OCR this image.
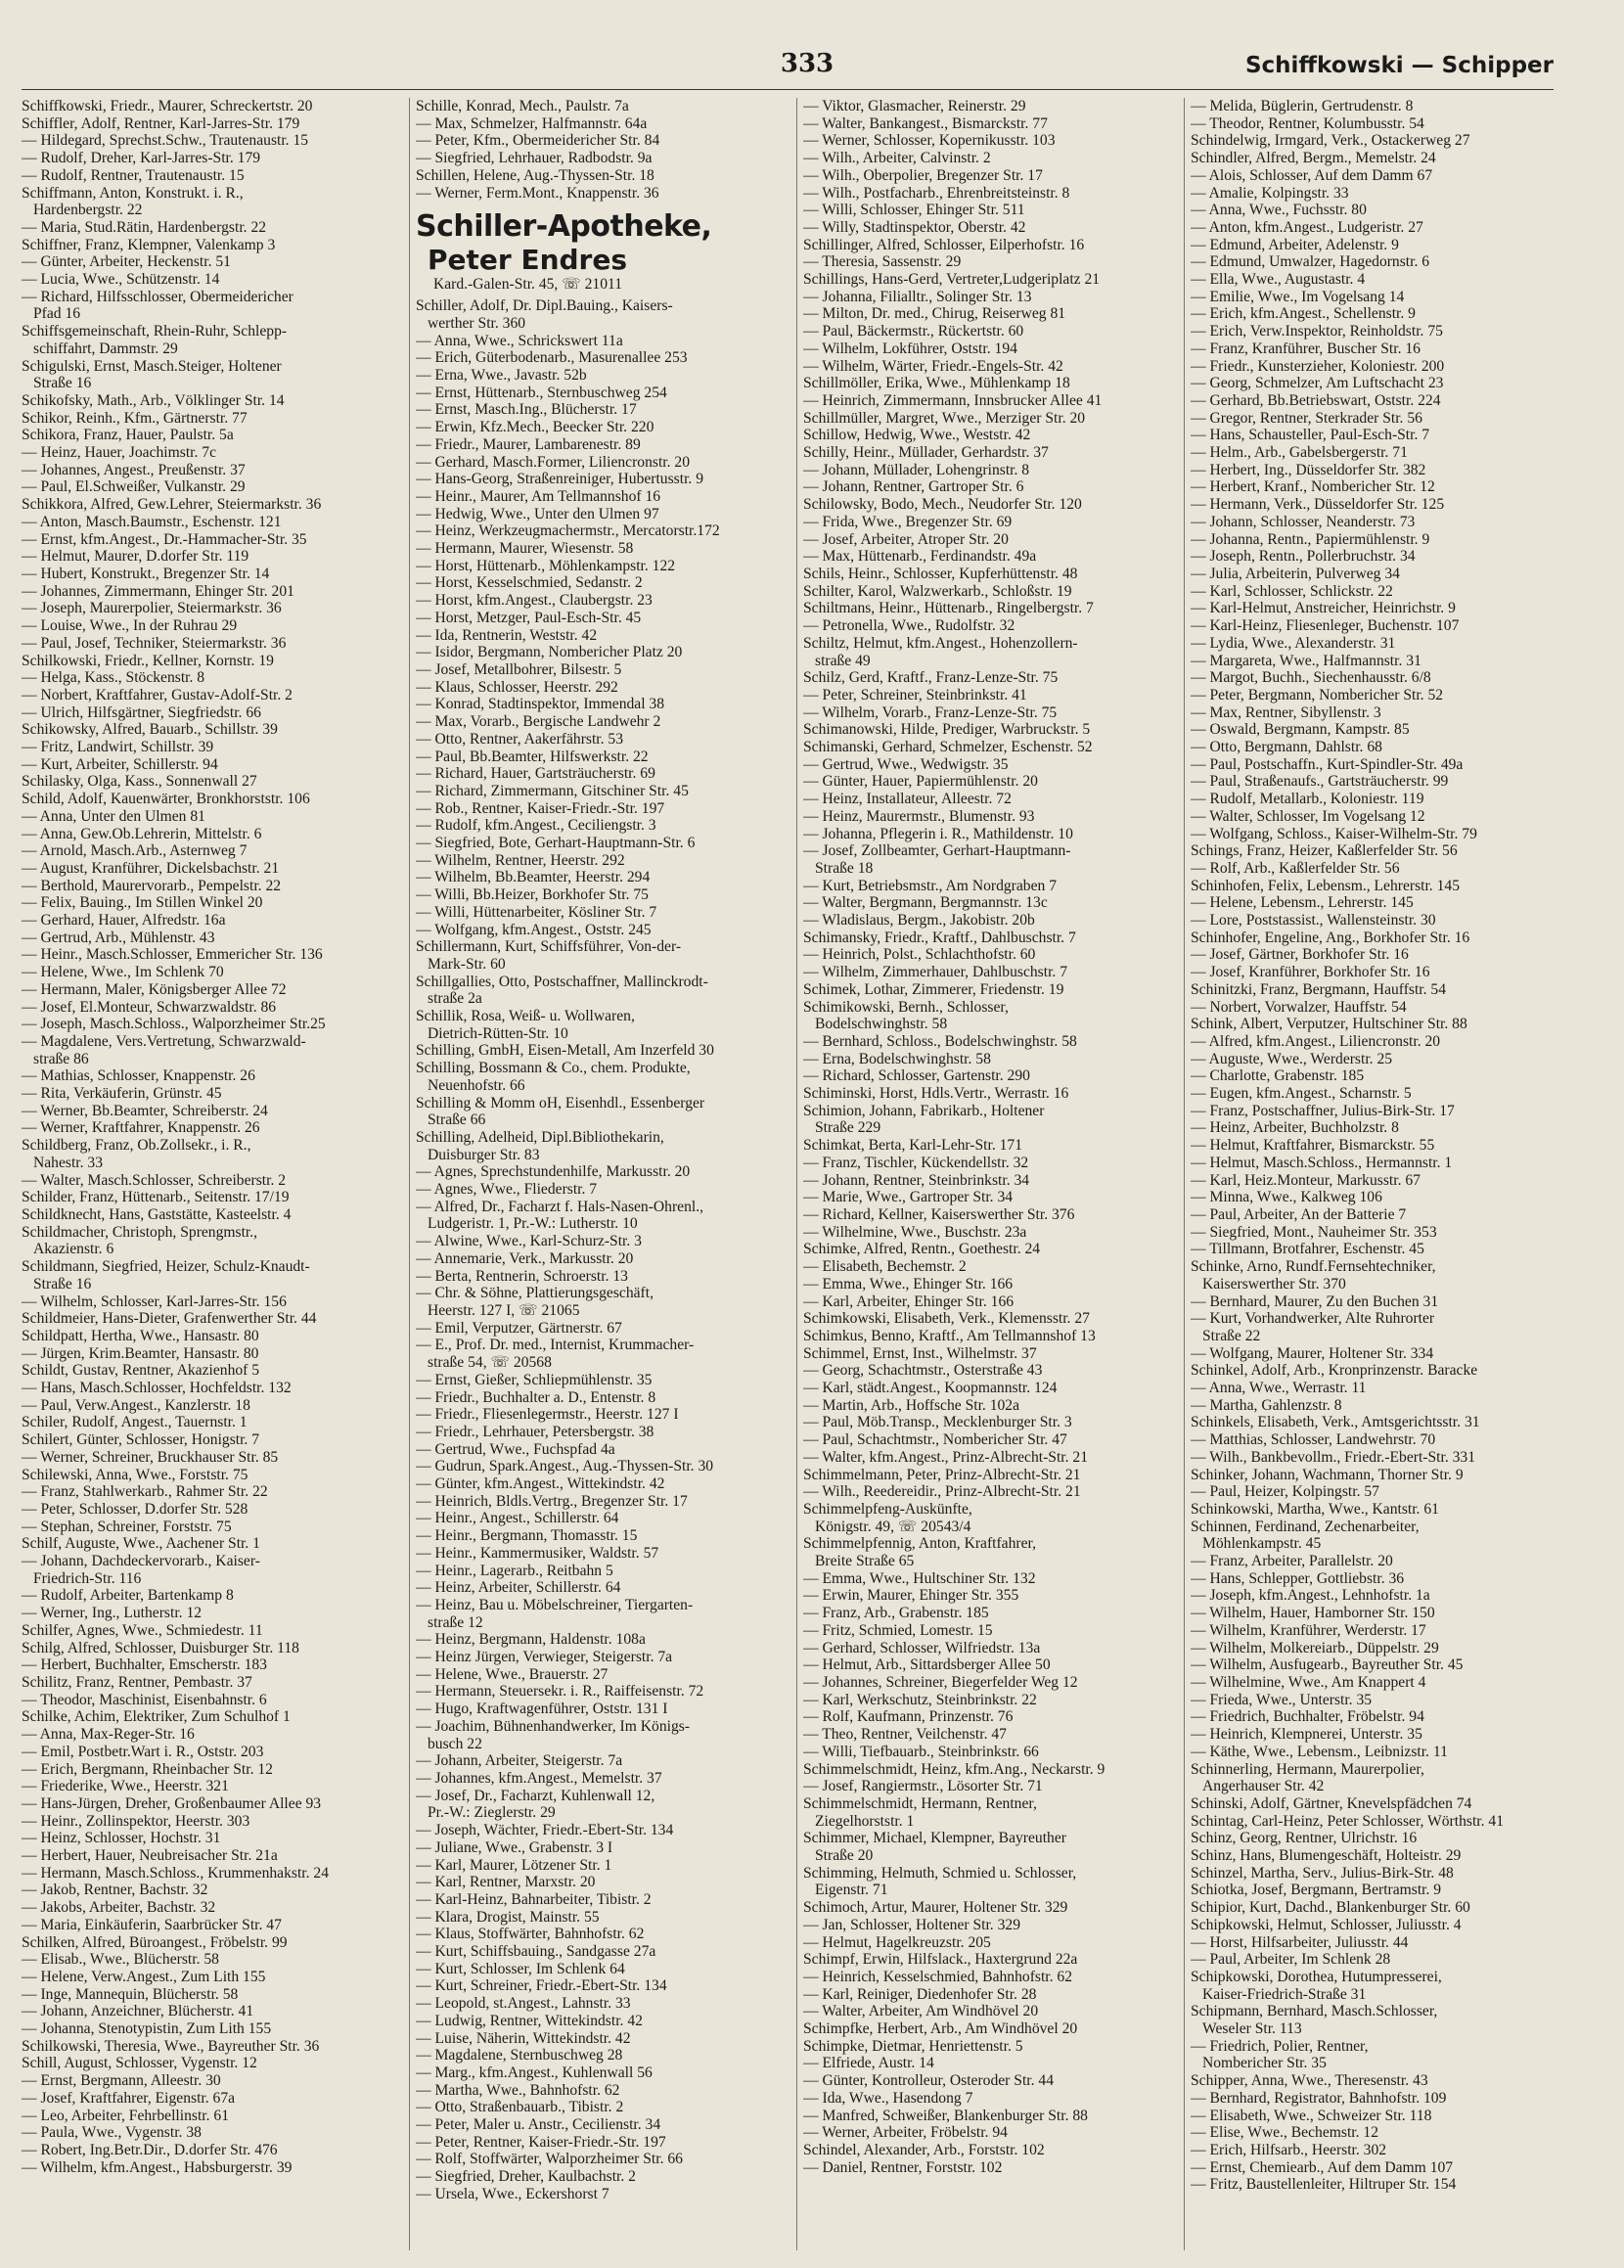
333	Schiffkowski — Schipper
Schiffkowski, Friedr., Maurer, Schreckertstr. 20
Schiffler, Adolf, Rentner, Karl-Jarres-Str. 179
— Hildegard, Sprechst.Schw., Trautenaustr. 15
— Rudolf, Dreher, Karl-Jarres-Str. 179
— Rudolf, Rentner, Trautenaustr. 15
Schiffmann, Anton, Konstrukt. i. R.,
Hardenbergstr. 22
— Maria, Stud.Rätin, Hardenbergstr. 22
Schiffner, Franz, Klempner, Valenkamp 3
— Günter, Arbeiter, Heckenstr. 51
— Lucia, Wwe., Schützenstr. 14
— Richard, Hilfsschlosser, Obermeidericher
Pfad 16
Schiffsgemeinschaft, Rhein-Ruhr, Schlepp-
schiffahrt, Dammstr. 29
Schigulski, Ernst, Masch.Steiger, Holtener
Straße 16
Schikofsky, Math., Arb., Völklinger Str. 14
Schikor, Reinh., Kfm., Gärtnerstr. 77
Schikora, Franz, Hauer, Paulstr. 5a
— Heinz, Hauer, Joachimstr. 7c
— Johannes, Angest., Preußenstr. 37
— Paul, El.Schweißer, Vulkanstr. 29
Schikkora, Alfred, Gew.Lehrer, Steiermarkstr. 36
— Anton, Masch.Baumstr., Eschenstr. 121
— Ernst, kfm.Angest., Dr.-Hammacher-Str. 35
— Helmut, Maurer, D.dorfer Str. 119
— Hubert, Konstrukt., Bregenzer Str. 14
— Johannes, Zimmermann, Ehinger Str. 201
— Joseph, Maurerpolier, Steiermarkstr. 36
— Louise, Wwe., In der Ruhrau 29
— Paul, Josef, Techniker, Steiermarkstr. 36
Schilkowski, Friedr., Kellner, Kornstr. 19
— Helga, Kass., Stöckenstr. 8
— Norbert, Kraftfahrer, Gustav-Adolf-Str. 2
— Ulrich, Hilfsgärtner, Siegfriedstr. 66
Schikowsky, Alfred, Bauarb., Schillstr. 39
— Fritz, Landwirt, Schillstr. 39
— Kurt, Arbeiter, Schillerstr. 94
Schilasky, Olga, Kass., Sonnenwall 27
Schild, Adolf, Kauenwärter, Bronkhorststr. 106
— Anna, Unter den Ulmen 81
— Anna, Gew.Ob.Lehrerin, Mittelstr. 6
— Arnold, Masch.Arb., Asternweg 7
— August, Kranführer, Dickelsbachstr. 21
— Berthold, Maurervorarb., Pempelstr. 22
— Felix, Bauing., Im Stillen Winkel 20
— Gerhard, Hauer, Alfredstr. 16a
— Gertrud, Arb., Mühlenstr. 43
— Heinr., Masch.Schlosser, Emmericher Str. 136
— Helene, Wwe., Im Schlenk 70
— Hermann, Maler, Königsberger Allee 72
— Josef, El.Monteur, Schwarzwaldstr. 86
— Joseph, Masch.Schloss., Walporzheimer Str.25
— Magdalene, Vers.Vertretung, Schwarzwald-
straße 86
— Mathias, Schlosser, Knappenstr. 26
— Rita, Verkäuferin, Grünstr. 45
— Werner, Bb.Beamter, Schreiberstr. 24
— Werner, Kraftfahrer, Knappenstr. 26
Schildberg, Franz, Ob.Zollsekr., i. R.,
Nahestr. 33
— Walter, Masch.Schlosser, Schreiberstr. 2
Schilder, Franz, Hüttenarb., Seitenstr. 17/19
Schildknecht, Hans, Gaststätte, Kasteelstr. 4
Schildmacher, Christoph, Sprengmstr.,
Akazienstr. 6
Schildmann, Siegfried, Heizer, Schulz-Knaudt-
Straße 16
— Wilhelm, Schlosser, Karl-Jarres-Str. 156
Schildmeier, Hans-Dieter, Grafenwerther Str. 44
Schildpatt, Hertha, Wwe., Hansastr. 80
— Jürgen, Krim.Beamter, Hansastr. 80
Schildt, Gustav, Rentner, Akazienhof 5
— Hans, Masch.Schlosser, Hochfeldstr. 132
— Paul, Verw.Angest., Kanzlerstr. 18
Schiler, Rudolf, Angest., Tauernstr. 1
Schilert, Günter, Schlosser, Honigstr. 7
— Werner, Schreiner, Bruckhauser Str. 85
Schilewski, Anna, Wwe., Forststr. 75
— Franz, Stahlwerkarb., Rahmer Str. 22
— Peter, Schlosser, D.dorfer Str. 528
— Stephan, Schreiner, Forststr. 75
Schilf, Auguste, Wwe., Aachener Str. 1
— Johann, Dachdeckervorarb., Kaiser-
Friedrich-Str. 116
— Rudolf, Arbeiter, Bartenkamp 8
— Werner, Ing., Lutherstr. 12
Schilfer, Agnes, Wwe., Schmiedestr. 11
Schilg, Alfred, Schlosser, Duisburger Str. 118
— Herbert, Buchhalter, Emscherstr. 183
Schilitz, Franz, Rentner, Pembastr. 37
— Theodor, Maschinist, Eisenbahnstr. 6
Schilke, Achim, Elektriker, Zum Schulhof 1
— Anna, Max-Reger-Str. 16
— Emil, Postbetr.Wart i. R., Oststr. 203
— Erich, Bergmann, Rheinbacher Str. 12
— Friederike, Wwe., Heerstr. 321
— Hans-Jürgen, Dreher, Großenbaumer Allee 93
— Heinr., Zollinspektor, Heerstr. 303
— Heinz, Schlosser, Hochstr. 31
— Herbert, Hauer, Neubreisacher Str. 21a
— Hermann, Masch.Schloss., Krummenhakstr. 24
— Jakob, Rentner, Bachstr. 32
— Jakobs, Arbeiter, Bachstr. 32
— Maria, Einkäuferin, Saarbrücker Str. 47
Schilken, Alfred, Büroangest., Fröbelstr. 99
— Elisab., Wwe., Blücherstr. 58
— Helene, Verw.Angest., Zum Lith 155
— Inge, Mannequin, Blücherstr. 58
— Johann, Anzeichner, Blücherstr. 41
— Johanna, Stenotypistin, Zum Lith 155
Schilkowski, Theresia, Wwe., Bayreuther Str. 36
Schill, August, Schlosser, Vygenstr. 12
— Ernst, Bergmann, Alleestr. 30
— Josef, Kraftfahrer, Eigenstr. 67a
— Leo, Arbeiter, Fehrbellinstr. 61
— Paula, Wwe., Vygenstr. 38
— Robert, Ing.Betr.Dir., D.dorfer Str. 476
— Wilhelm, kfm.Angest., Habsburgerstr. 39
Schille, Konrad, Mech., Paulstr. 7a
— Max, Schmelzer, Halfmannstr. 64a
— Peter, Kfm., Obermeidericher Str. 84
— Siegfried, Lehrhauer, Radbodstr. 9a
Schillen, Helene, Aug.-Thyssen-Str. 18
— Werner, Ferm.Mont., Knappenstr. 36
Schiller-Apotheke,
Peter Endres
Kard.-Galen-Str. 45, ☏ 21011
Schiller, Adolf, Dr. Dipl.Bauing., Kaisers-
werther Str. 360
— Anna, Wwe., Schrickswert 11a
— Erich, Güterbodenarb., Masurenallee 253
— Erna, Wwe., Javastr. 52b
— Ernst, Hüttenarb., Sternbuschweg 254
— Ernst, Masch.Ing., Blücherstr. 17
— Erwin, Kfz.Mech., Beecker Str. 220
— Friedr., Maurer, Lambarenestr. 89
— Gerhard, Masch.Former, Liliencronstr. 20
— Hans-Georg, Straßenreiniger, Hubertusstr. 9
— Heinr., Maurer, Am Tellmannshof 16
— Hedwig, Wwe., Unter den Ulmen 97
— Heinz, Werkzeugmachermstr., Mercatorstr.172
— Hermann, Maurer, Wiesenstr. 58
— Horst, Hüttenarb., Möhlenkampstr. 122
— Horst, Kesselschmied, Sedanstr. 2
— Horst, kfm.Angest., Claubergstr. 23
— Horst, Metzger, Paul-Esch-Str. 45
— Ida, Rentnerin, Weststr. 42
— Isidor, Bergmann, Nombericher Platz 20
— Josef, Metallbohrer, Bilsestr. 5
— Klaus, Schlosser, Heerstr. 292
— Konrad, Stadtinspektor, Immendal 38
— Max, Vorarb., Bergische Landwehr 2
— Otto, Rentner, Aakerfährstr. 53
— Paul, Bb.Beamter, Hilfswerkstr. 22
— Richard, Hauer, Gartsträucherstr. 69
— Richard, Zimmermann, Gitschiner Str. 45
— Rob., Rentner, Kaiser-Friedr.-Str. 197
— Rudolf, kfm.Angest., Ceciliengstr. 3
— Siegfried, Bote, Gerhart-Hauptmann-Str. 6
— Wilhelm, Rentner, Heerstr. 292
— Wilhelm, Bb.Beamter, Heerstr. 294
— Willi, Bb.Heizer, Borkhofer Str. 75
— Willi, Hüttenarbeiter, Kösliner Str. 7
— Wolfgang, kfm.Angest., Oststr. 245
Schillermann, Kurt, Schiffsführer, Von-der-
Mark-Str. 60
Schillgallies, Otto, Postschaffner, Mallinckrodt-
straße 2a
Schillik, Rosa, Weiß- u. Wollwaren,
Dietrich-Rütten-Str. 10
Schilling, GmbH, Eisen-Metall, Am Inzerfeld 30
Schilling, Bossmann & Co., chem. Produkte,
Neuenhofstr. 66
Schilling & Momm oH, Eisenhdl., Essenberger
Straße 66
Schilling, Adelheid, Dipl.Bibliothekarin,
Duisburger Str. 83
— Agnes, Sprechstundenhilfe, Markusstr. 20
— Agnes, Wwe., Fliederstr. 7
— Alfred, Dr., Facharzt f. Hals-Nasen-Ohrenl.,
Ludgeristr. 1, Pr.-W.: Lutherstr. 10
— Alwine, Wwe., Karl-Schurz-Str. 3
— Annemarie, Verk., Markusstr. 20
— Berta, Rentnerin, Schroerstr. 13
— Chr. & Söhne, Plattierungsgeschäft,
Heerstr. 127 I, ☏ 21065
— Emil, Verputzer, Gärtnerstr. 67
— E., Prof. Dr. med., Internist, Krummacher-
straße 54, ☏ 20568
— Ernst, Gießer, Schliepmühlenstr. 35
— Friedr., Buchhalter a. D., Entenstr. 8
— Friedr., Fliesenlegermstr., Heerstr. 127 I
— Friedr., Lehrhauer, Petersbergstr. 38
— Gertrud, Wwe., Fuchspfad 4a
— Gudrun, Spark.Angest., Aug.-Thyssen-Str. 30
— Günter, kfm.Angest., Wittekindstr. 42
— Heinrich, Bldls.Vertrg., Bregenzer Str. 17
— Heinr., Angest., Schillerstr. 64
— Heinr., Bergmann, Thomasstr. 15
— Heinr., Kammermusiker, Waldstr. 57
— Heinr., Lagerarb., Reitbahn 5
— Heinz, Arbeiter, Schillerstr. 64
— Heinz, Bau u. Möbelschreiner, Tiergarten-
straße 12
— Heinz, Bergmann, Haldenstr. 108a
— Heinz Jürgen, Verwieger, Steigerstr. 7a
— Helene, Wwe., Brauerstr. 27
— Hermann, Steuersekr. i. R., Raiffeisenstr. 72
— Hugo, Kraftwagenführer, Oststr. 131 I
— Joachim, Bühnenhandwerker, Im Königs-
busch 22
— Johann, Arbeiter, Steigerstr. 7a
— Johannes, kfm.Angest., Memelstr. 37
— Josef, Dr., Facharzt, Kuhlenwall 12,
Pr.-W.: Zieglerstr. 29
— Joseph, Wächter, Friedr.-Ebert-Str. 134
— Juliane, Wwe., Grabenstr. 3 I
— Karl, Maurer, Lötzener Str. 1
— Karl, Rentner, Marxstr. 20
— Karl-Heinz, Bahnarbeiter, Tibistr. 2
— Klara, Drogist, Mainstr. 55
— Klaus, Stoffwärter, Bahnhofstr. 62
— Kurt, Schiffsbauing., Sandgasse 27a
— Kurt, Schlosser, Im Schlenk 64
— Kurt, Schreiner, Friedr.-Ebert-Str. 134
— Leopold, st.Angest., Lahnstr. 33
— Ludwig, Rentner, Wittekindstr. 42
— Luise, Näherin, Wittekindstr. 42
— Magdalene, Sternbuschweg 28
— Marg., kfm.Angest., Kuhlenwall 56
— Martha, Wwe., Bahnhofstr. 62
— Otto, Straßenbauarb., Tibistr. 2
— Peter, Maler u. Anstr., Cecilienstr. 34
— Peter, Rentner, Kaiser-Friedr.-Str. 197
— Rolf, Stoffwärter, Walporzheimer Str. 66
— Siegfried, Dreher, Kaulbachstr. 2
— Ursela, Wwe., Eckershorst 7
— Viktor, Glasmacher, Reinerstr. 29
— Walter, Bankangest., Bismarckstr. 77
— Werner, Schlosser, Kopernikusstr. 103
— Wilh., Arbeiter, Calvinstr. 2
— Wilh., Oberpolier, Bregenzer Str. 17
— Wilh., Postfacharb., Ehrenbreitsteinstr. 8
— Willi, Schlosser, Ehinger Str. 511
— Willy, Stadtinspektor, Oberstr. 42
Schillinger, Alfred, Schlosser, Eilperhofstr. 16
— Theresia, Sassenstr. 29
Schillings, Hans-Gerd, Vertreter,Ludgeriplatz 21
— Johanna, Filialltr., Solinger Str. 13
— Milton, Dr. med., Chirug, Reiserweg 81
— Paul, Bäckermstr., Rückertstr. 60
— Wilhelm, Lokführer, Oststr. 194
— Wilhelm, Wärter, Friedr.-Engels-Str. 42
Schillmöller, Erika, Wwe., Mühlenkamp 18
— Heinrich, Zimmermann, Innsbrucker Allee 41
Schillmüller, Margret, Wwe., Merziger Str. 20
Schillow, Hedwig, Wwe., Weststr. 42
Schilly, Heinr., Müllader, Gerhardstr. 37
— Johann, Müllader, Lohengrinstr. 8
— Johann, Rentner, Gartroper Str. 6
Schilowsky, Bodo, Mech., Neudorfer Str. 120
— Frida, Wwe., Bregenzer Str. 69
— Josef, Arbeiter, Atroper Str. 20
— Max, Hüttenarb., Ferdinandstr. 49a
Schils, Heinr., Schlosser, Kupferhüttenstr. 48
Schilter, Karol, Walzwerkarb., Schloßstr. 19
Schiltmans, Heinr., Hüttenarb., Ringelbergstr. 7
— Petronella, Wwe., Rudolfstr. 32
Schiltz, Helmut, kfm.Angest., Hohenzollern-
straße 49
Schilz, Gerd, Kraftf., Franz-Lenze-Str. 75
— Peter, Schreiner, Steinbrinkstr. 41
— Wilhelm, Vorarb., Franz-Lenze-Str. 75
Schimanowski, Hilde, Prediger, Warbruckstr. 5
Schimanski, Gerhard, Schmelzer, Eschenstr. 52
— Gertrud, Wwe., Wedwigstr. 35
— Günter, Hauer, Papiermühlenstr. 20
— Heinz, Installateur, Alleestr. 72
— Heinz, Maurermstr., Blumenstr. 93
— Johanna, Pflegerin i. R., Mathildenstr. 10
— Josef, Zollbeamter, Gerhart-Hauptmann-
Straße 18
— Kurt, Betriebsmstr., Am Nordgraben 7
— Walter, Bergmann, Bergmannstr. 13c
— Wladislaus, Bergm., Jakobistr. 20b
Schimansky, Friedr., Kraftf., Dahlbuschstr. 7
— Heinrich, Polst., Schlachthofstr. 60
— Wilhelm, Zimmerhauer, Dahlbuschstr. 7
Schimek, Lothar, Zimmerer, Friedenstr. 19
Schimikowski, Bernh., Schlosser,
Bodelschwinghstr. 58
— Bernhard, Schloss., Bodelschwinghstr. 58
— Erna, Bodelschwinghstr. 58
— Richard, Schlosser, Gartenstr. 290
Schiminski, Horst, Hdls.Vertr., Werrastr. 16
Schimion, Johann, Fabrikarb., Holtener
Straße 229
Schimkat, Berta, Karl-Lehr-Str. 171
— Franz, Tischler, Kückendellstr. 32
— Johann, Rentner, Steinbrinkstr. 34
— Marie, Wwe., Gartroper Str. 34
— Richard, Kellner, Kaiserswerther Str. 376
— Wilhelmine, Wwe., Buschstr. 23a
Schimke, Alfred, Rentn., Goethestr. 24
— Elisabeth, Bechemstr. 2
— Emma, Wwe., Ehinger Str. 166
— Karl, Arbeiter, Ehinger Str. 166
Schimkowski, Elisabeth, Verk., Klemensstr. 27
Schimkus, Benno, Kraftf., Am Tellmannshof 13
Schimmel, Ernst, Inst., Wilhelmstr. 37
— Georg, Schachtmstr., Osterstraße 43
— Karl, städt.Angest., Koopmannstr. 124
— Martin, Arb., Hoffsche Str. 102a
— Paul, Möb.Transp., Mecklenburger Str. 3
— Paul, Schachtmstr., Nombericher Str. 47
— Walter, kfm.Angest., Prinz-Albrecht-Str. 21
Schimmelmann, Peter, Prinz-Albrecht-Str. 21
— Wilh., Reedereidir., Prinz-Albrecht-Str. 21
Schimmelpfeng-Auskünfte,
Königstr. 49, ☏ 20543/4
Schimmelpfennig, Anton, Kraftfahrer,
Breite Straße 65
— Emma, Wwe., Hultschiner Str. 132
— Erwin, Maurer, Ehinger Str. 355
— Franz, Arb., Grabenstr. 185
— Fritz, Schmied, Lomestr. 15
— Gerhard, Schlosser, Wilfriedstr. 13a
— Helmut, Arb., Sittardsberger Allee 50
— Johannes, Schreiner, Biegerfelder Weg 12
— Karl, Werkschutz, Steinbrinkstr. 22
— Rolf, Kaufmann, Prinzenstr. 76
— Theo, Rentner, Veilchenstr. 47
— Willi, Tiefbauarb., Steinbrinkstr. 66
Schimmelschmidt, Heinz, kfm.Ang., Neckarstr. 9
— Josef, Rangiermstr., Lösorter Str. 71
Schimmelschmidt, Hermann, Rentner,
Ziegelhorststr. 1
Schimmer, Michael, Klempner, Bayreuther
Straße 20
Schimming, Helmuth, Schmied u. Schlosser,
Eigenstr. 71
Schimoch, Artur, Maurer, Holtener Str. 329
— Jan, Schlosser, Holtener Str. 329
— Helmut, Hagelkreuzstr. 205
Schimpf, Erwin, Hilfslack., Haxtergrund 22a
— Heinrich, Kesselschmied, Bahnhofstr. 62
— Karl, Reiniger, Diedenhofer Str. 28
— Walter, Arbeiter, Am Windhövel 20
Schimpfke, Herbert, Arb., Am Windhövel 20
Schimpke, Dietmar, Henriettenstr. 5
— Elfriede, Austr. 14
— Günter, Kontrolleur, Osteroder Str. 44
— Ida, Wwe., Hasendong 7
— Manfred, Schweißer, Blankenburger Str. 88
— Werner, Arbeiter, Fröbelstr. 94
Schindel, Alexander, Arb., Forststr. 102
— Daniel, Rentner, Forststr. 102
— Melida, Büglerin, Gertrudenstr. 8
— Theodor, Rentner, Kolumbusstr. 54
Schindelwig, Irmgard, Verk., Ostackerweg 27
Schindler, Alfred, Bergm., Memelstr. 24
— Alois, Schlosser, Auf dem Damm 67
— Amalie, Kolpingstr. 33
— Anna, Wwe., Fuchsstr. 80
— Anton, kfm.Angest., Ludgeristr. 27
— Edmund, Arbeiter, Adelenstr. 9
— Edmund, Umwalzer, Hagedornstr. 6
— Ella, Wwe., Augustastr. 4
— Emilie, Wwe., Im Vogelsang 14
— Erich, kfm.Angest., Schellenstr. 9
— Erich, Verw.Inspektor, Reinholdstr. 75
— Franz, Kranführer, Buscher Str. 16
— Friedr., Kunsterzieher, Koloniestr. 200
— Georg, Schmelzer, Am Luftschacht 23
— Gerhard, Bb.Betriebswart, Oststr. 224
— Gregor, Rentner, Sterkrader Str. 56
— Hans, Schausteller, Paul-Esch-Str. 7
— Helm., Arb., Gabelsbergerstr. 71
— Herbert, Ing., Düsseldorfer Str. 382
— Herbert, Kranf., Nombericher Str. 12
— Hermann, Verk., Düsseldorfer Str. 125
— Johann, Schlosser, Neanderstr. 73
— Johanna, Rentn., Papiermühlenstr. 9
— Joseph, Rentn., Pollerbruchstr. 34
— Julia, Arbeiterin, Pulverweg 34
— Karl, Schlosser, Schlickstr. 22
— Karl-Helmut, Anstreicher, Heinrichstr. 9
— Karl-Heinz, Fliesenleger, Buchenstr. 107
— Lydia, Wwe., Alexanderstr. 31
— Margareta, Wwe., Halfmannstr. 31
— Margot, Buchh., Siechenhausstr. 6/8
— Peter, Bergmann, Nombericher Str. 52
— Max, Rentner, Sibyllenstr. 3
— Oswald, Bergmann, Kampstr. 85
— Otto, Bergmann, Dahlstr. 68
— Paul, Postschaffn., Kurt-Spindler-Str. 49a
— Paul, Straßenaufs., Gartsträucherstr. 99
— Rudolf, Metallarb., Koloniestr. 119
— Walter, Schlosser, Im Vogelsang 12
— Wolfgang, Schloss., Kaiser-Wilhelm-Str. 79
Schings, Franz, Heizer, Kaßlerfelder Str. 56
— Rolf, Arb., Kaßlerfelder Str. 56
Schinhofen, Felix, Lebensm., Lehrerstr. 145
— Helene, Lebensm., Lehrerstr. 145
— Lore, Poststassist., Wallensteinstr. 30
Schinhofer, Engeline, Ang., Borkhofer Str. 16
— Josef, Gärtner, Borkhofer Str. 16
— Josef, Kranführer, Borkhofer Str. 16
Schinitzki, Franz, Bergmann, Hauffstr. 54
— Norbert, Vorwalzer, Hauffstr. 54
Schink, Albert, Verputzer, Hultschiner Str. 88
— Alfred, kfm.Angest., Liliencronstr. 20
— Auguste, Wwe., Werderstr. 25
— Charlotte, Grabenstr. 185
— Eugen, kfm.Angest., Scharnstr. 5
— Franz, Postschaffner, Julius-Birk-Str. 17
— Heinz, Arbeiter, Buchholzstr. 8
— Helmut, Kraftfahrer, Bismarckstr. 55
— Helmut, Masch.Schloss., Hermannstr. 1
— Karl, Heiz.Monteur, Markusstr. 67
— Minna, Wwe., Kalkweg 106
— Paul, Arbeiter, An der Batterie 7
— Siegfried, Mont., Nauheimer Str. 353
— Tillmann, Brotfahrer, Eschenstr. 45
Schinke, Arno, Rundf.Fernsehtechniker,
Kaiserswerther Str. 370
— Bernhard, Maurer, Zu den Buchen 31
— Kurt, Vorhandwerker, Alte Ruhrorter
Straße 22
— Wolfgang, Maurer, Holtener Str. 334
Schinkel, Adolf, Arb., Kronprinzenstr. Baracke
— Anna, Wwe., Werrastr. 11
— Martha, Gahlenzstr. 8
Schinkels, Elisabeth, Verk., Amtsgerichtsstr. 31
— Matthias, Schlosser, Landwehrstr. 70
— Wilh., Bankbevollm., Friedr.-Ebert-Str. 331
Schinker, Johann, Wachmann, Thorner Str. 9
— Paul, Heizer, Kolpingstr. 57
Schinkowski, Martha, Wwe., Kantstr. 61
Schinnen, Ferdinand, Zechenarbeiter,
Möhlenkampstr. 45
— Franz, Arbeiter, Parallelstr. 20
— Hans, Schlepper, Gottliebstr. 36
— Joseph, kfm.Angest., Lehnhofstr. 1a
— Wilhelm, Hauer, Hamborner Str. 150
— Wilhelm, Kranführer, Werderstr. 17
— Wilhelm, Molkereiarb., Düppelstr. 29
— Wilhelm, Ausfugearb., Bayreuther Str. 45
— Wilhelmine, Wwe., Am Knappert 4
— Frieda, Wwe., Unterstr. 35
— Friedrich, Buchhalter, Fröbelstr. 94
— Heinrich, Klempnerei, Unterstr. 35
— Käthe, Wwe., Lebensm., Leibnizstr. 11
Schinnerling, Hermann, Maurerpolier,
Angerhauser Str. 42
Schinski, Adolf, Gärtner, Knevelspfädchen 74
Schintag, Carl-Heinz, Peter Schlosser, Wörthstr. 41
Schinz, Georg, Rentner, Ulrichstr. 16
Schinz, Hans, Blumengeschäft, Holteistr. 29
Schinzel, Martha, Serv., Julius-Birk-Str. 48
Schiotka, Josef, Bergmann, Bertramstr. 9
Schipior, Kurt, Dachd., Blankenburger Str. 60
Schipkowski, Helmut, Schlosser, Juliusstr. 4
— Horst, Hilfsarbeiter, Juliusstr. 44
— Paul, Arbeiter, Im Schlenk 28
Schipkowski, Dorothea, Hutumpresserei,
Kaiser-Friedrich-Straße 31
Schipmann, Bernhard, Masch.Schlosser,
Weseler Str. 113
— Friedrich, Polier, Rentner,
Nombericher Str. 35
Schipper, Anna, Wwe., Theresenstr. 43
— Bernhard, Registrator, Bahnhofstr. 109
— Elisabeth, Wwe., Schweizer Str. 118
— Elise, Wwe., Bechemstr. 12
— Erich, Hilfsarb., Heerstr. 302
— Ernst, Chemiearb., Auf dem Damm 107
— Fritz, Baustellenleiter, Hiltruper Str. 154
